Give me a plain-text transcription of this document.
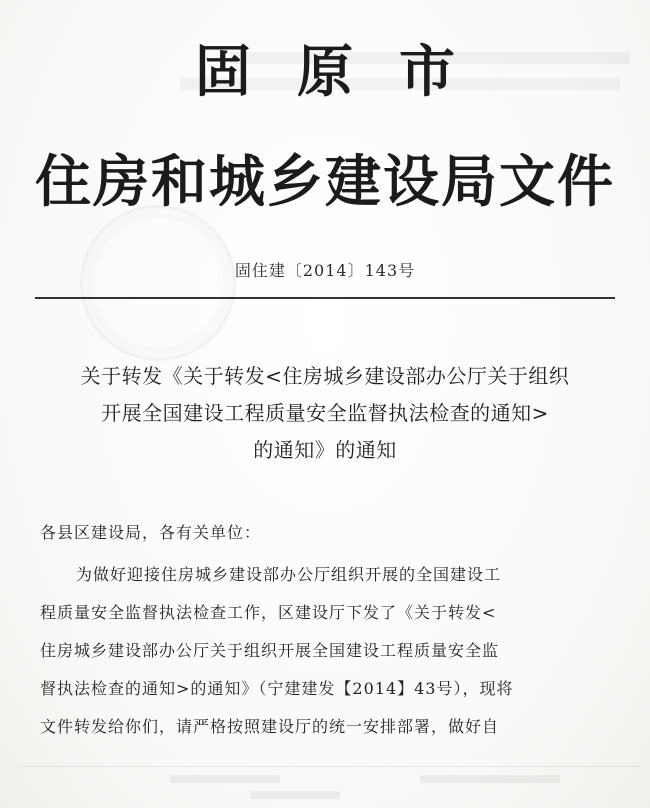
固原市
住房和城乡建设局文件
固住建〔2014〕143号
关于转发《关于转发<住房城乡建设部办公厅关于组织
开展全国建设工程质量安全监督执法检查的通知>
的通知》的通知
各县区建设局，各有关单位：
为做好迎接住房城乡建设部办公厅组织开展的全国建设工
程质量安全监督执法检查工作，区建设厅下发了《关于转发<
住房城乡建设部办公厅关于组织开展全国建设工程质量安全监
督执法检查的通知>的通知》（宁建建发【2014】43号），现将
文件转发给你们，请严格按照建设厅的统一安排部署，做好自
